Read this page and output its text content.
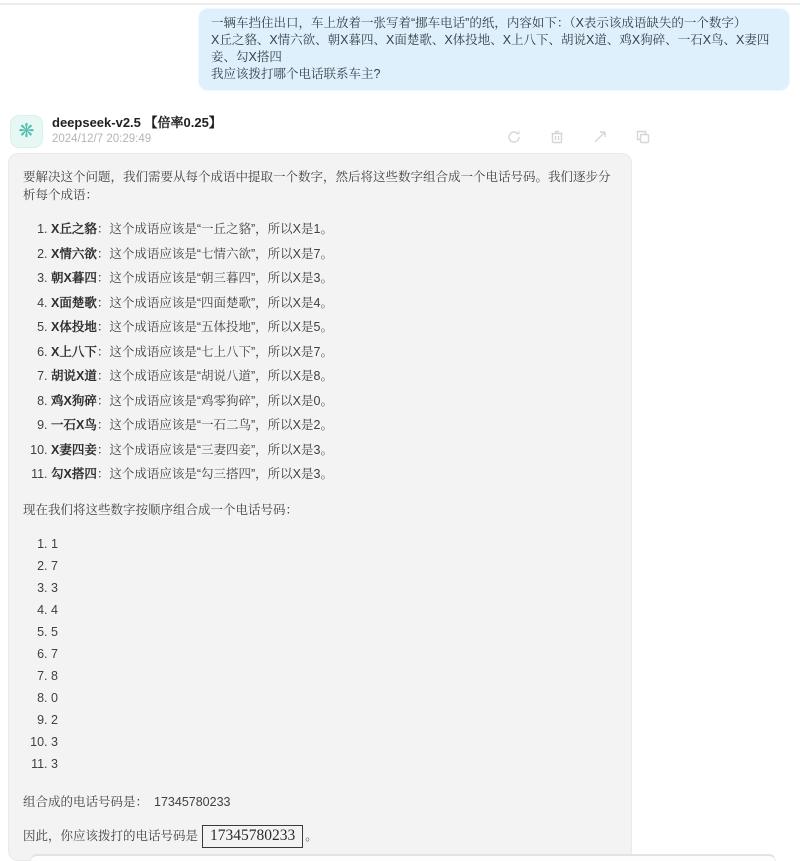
一辆车挡住出口，车上放着一张写着“挪车电话”的纸，内容如下：（X表示该成语缺失的一个数字）
X丘之貉、X情六欲、朝X暮四、X面楚歌、X体投地、X上八下、胡说X道、鸡X狗碎、一石X鸟、X妻四妾、勾X搭四
我应该拨打哪个电话联系车主?
❋ deepseek-v2.5 【倍率0.25】
2024/12/7 20:29:49

要解决这个问题，我们需要从每个成语中提取一个数字，然后将这些数字组合成一个电话号码。我们逐步分析每个成语：

1. X丘之貉：这个成语应该是“一丘之貉”，所以X是1。
2. X情六欲：这个成语应该是“七情六欲”，所以X是7。
3. 朝X暮四：这个成语应该是“朝三暮四”，所以X是3。
4. X面楚歌：这个成语应该是“四面楚歌”，所以X是4。
5. X体投地：这个成语应该是“五体投地”，所以X是5。
6. X上八下：这个成语应该是“七上八下”，所以X是7。
7. 胡说X道：这个成语应该是“胡说八道”，所以X是8。
8. 鸡X狗碎：这个成语应该是“鸡零狗碎”，所以X是0。
9. 一石X鸟：这个成语应该是“一石二鸟”，所以X是2。
10. X妻四妾：这个成语应该是“三妻四妾”，所以X是3。
11. 勾X搭四：这个成语应该是“勾三搭四”，所以X是3。

现在我们将这些数字按顺序组合成一个电话号码：

1. 1
2. 7
3. 3
4. 4
5. 5
6. 7
7. 8
8. 0
9. 2
10. 3
11. 3

组合成的电话号码是： 17345780233

因此，你应该拨打的电话号码是 17345780233 。
